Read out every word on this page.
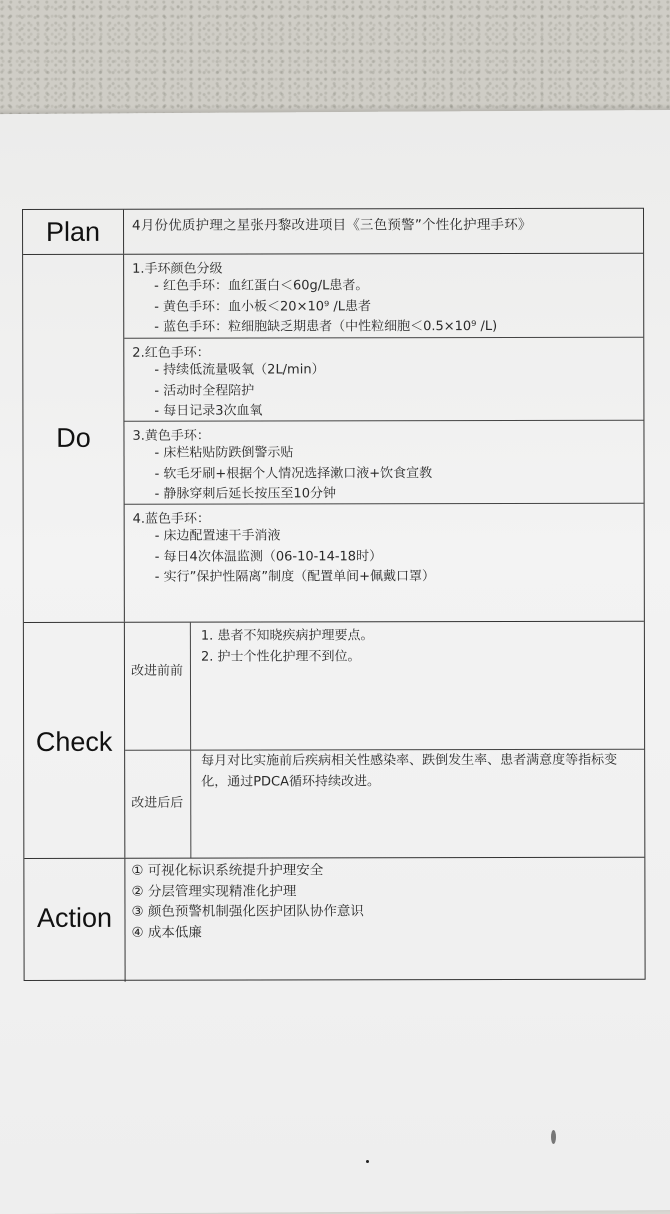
Plan	4月份优质护理之星张丹黎改进项目《三色预警”个性化护理手环》
Do
1.手环颜色分级
- 红色手环：血红蛋白＜60g/L患者。
- 黄色手环：血小板＜20×10⁹ /L患者
- 蓝色手环：粒细胞缺乏期患者（中性粒细胞＜0.5×10⁹ /L)
2.红色手环：
- 持续低流量吸氧（2L/min）
- 活动时全程陪护
- 每日记录3次血氧
3.黄色手环：
- 床栏粘贴防跌倒警示贴
- 软毛牙刷+根据个人情况选择漱口液+饮食宣教
- 静脉穿刺后延长按压至10分钟
4.蓝色手环：
- 床边配置速干手消液
- 每日4次体温监测（06-10-14-18时）
- 实行”保护性隔离”制度（配置单间+佩戴口罩）
Check
改进前前
1. 患者不知晓疾病护理要点。
2. 护士个性化护理不到位。
改进后后

每月对比实施前后疾病相关性感染率、跌倒发生率、患者满意度等指标变化，通过PDCA循环持续改进。

Action
① 可视化标识系统提升护理安全
② 分层管理实现精准化护理
③ 颜色预警机制强化医护团队协作意识
④ 成本低廉
